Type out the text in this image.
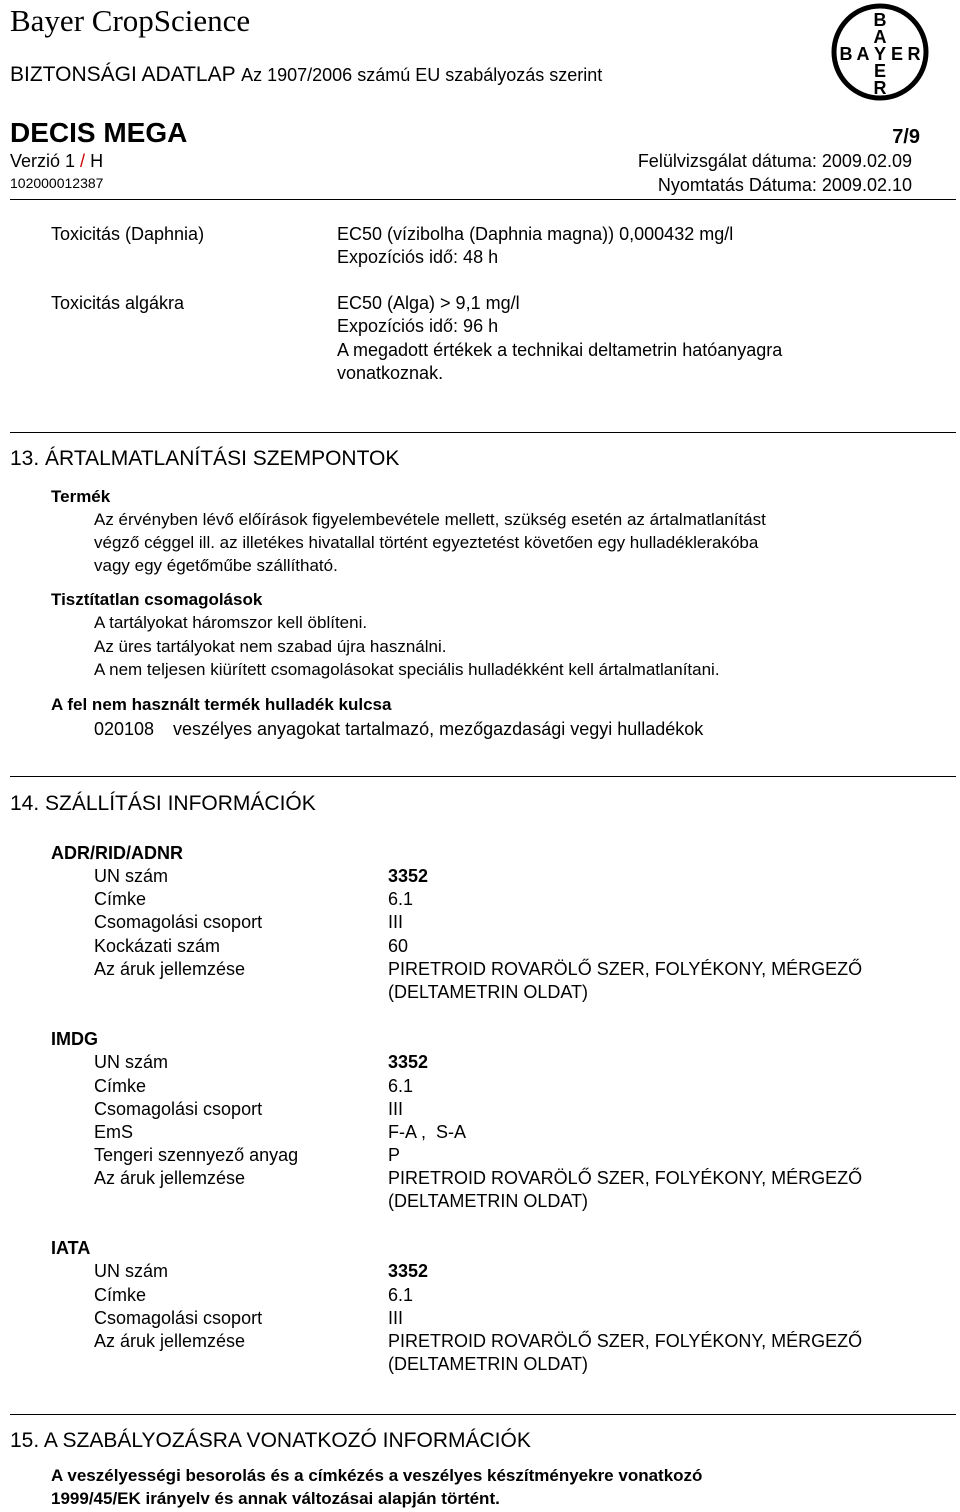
Bayer CropScience
BIZTONSÁGI ADATLAP Az 1907/2006 számú EU szabályozás szerint
DECIS MEGA	7/9
Verzió 1 / H	Felülvizsgálat dátuma: 2009.02.09
102000012387	Nyomtatás Dátuma: 2009.02.10
B
A
B A Y E R
E
R
Toxicitás (Daphnia)	EC50 (vízibolha (Daphnia magna)) 0,000432 mg/l
Expozíciós idő: 48 h
Toxicitás algákra	EC50 (Alga) > 9,1 mg/l
Expozíciós idő: 96 h
A megadott értékek a technikai deltametrin hatóanyagra
vonatkoznak.
13. ÁRTALMATLANÍTÁSI SZEMPONTOK
Termék
Az érvényben lévő előírások figyelembevétele mellett, szükség esetén az ártalmatlanítást
végző céggel ill. az illetékes hivatallal történt egyeztetést követően egy hulladéklerakóba
vagy egy égetőműbe szállítható.
Tisztítatlan csomagolások
A tartályokat háromszor kell öblíteni.
Az üres tartályokat nem szabad újra használni.
A nem teljesen kiürített csomagolásokat speciális hulladékként kell ártalmatlanítani.
A fel nem használt termék hulladék kulcsa
020108 veszélyes anyagokat tartalmazó, mezőgazdasági vegyi hulladékok
14. SZÁLLÍTÁSI INFORMÁCIÓK
ADR/RID/ADNR
UN szám	3352
Címke	6.1
Csomagolási csoport	III
Kockázati szám	60
Az áruk jellemzése	PIRETROID ROVARÖLŐ SZER, FOLYÉKONY, MÉRGEZŐ
(DELTAMETRIN OLDAT)
IMDG
UN szám	3352
Címke	6.1
Csomagolási csoport	III
EmS	F-A ,  S-A
Tengeri szennyező anyag	P
Az áruk jellemzése	PIRETROID ROVARÖLŐ SZER, FOLYÉKONY, MÉRGEZŐ
(DELTAMETRIN OLDAT)
IATA
UN szám	3352
Címke	6.1
Csomagolási csoport	III
Az áruk jellemzése	PIRETROID ROVARÖLŐ SZER, FOLYÉKONY, MÉRGEZŐ
(DELTAMETRIN OLDAT)
15. A SZABÁLYOZÁSRA VONATKOZÓ INFORMÁCIÓK
A veszélyességi besorolás és a címkézés a veszélyes készítményekre vonatkozó
1999/45/EK irányelv és annak változásai alapján történt.
